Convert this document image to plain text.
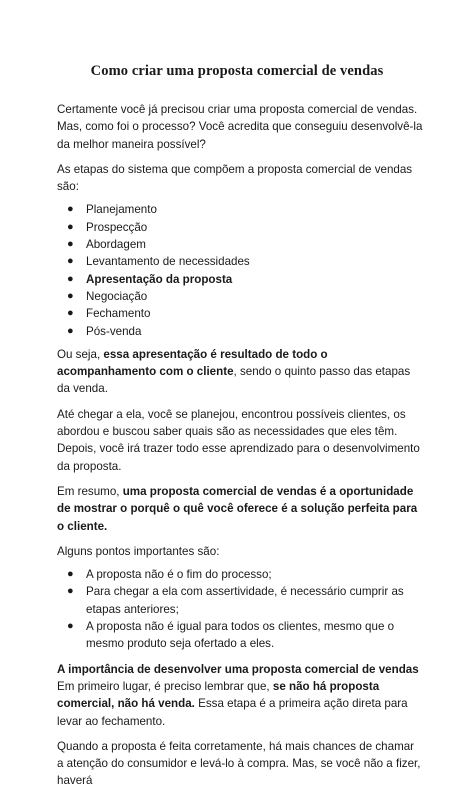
Como criar uma proposta comercial de vendas

Certamente você já precisou criar uma proposta comercial de vendas. Mas, como foi o processo? Você acredita que conseguiu desenvolvê-la da melhor maneira possível?

As etapas do sistema que compõem a proposta comercial de vendas são:

● Planejamento
● Prospecção
● Abordagem
● Levantamento de necessidades
● Apresentação da proposta
● Negociação
● Fechamento
● Pós-venda

Ou seja, essa apresentação é resultado de todo o acompanhamento com o cliente, sendo o quinto passo das etapas da venda.

Até chegar a ela, você se planejou, encontrou possíveis clientes, os abordou e buscou saber quais são as necessidades que eles têm. Depois, você irá trazer todo esse aprendizado para o desenvolvimento da proposta.

Em resumo, uma proposta comercial de vendas é a oportunidade de mostrar o porquê o quê você oferece é a solução perfeita para o cliente.

Alguns pontos importantes são:

● A proposta não é o fim do processo;
● Para chegar a ela com assertividade, é necessário cumprir as etapas anteriores;
● A proposta não é igual para todos os clientes, mesmo que o mesmo produto seja ofertado a eles.

A importância de desenvolver uma proposta comercial de vendas
Em primeiro lugar, é preciso lembrar que, se não há proposta comercial, não há venda. Essa etapa é a primeira ação direta para levar ao fechamento.

Quando a proposta é feita corretamente, há mais chances de chamar a atenção do consumidor e levá-lo à compra. Mas, se você não a fizer, haverá
